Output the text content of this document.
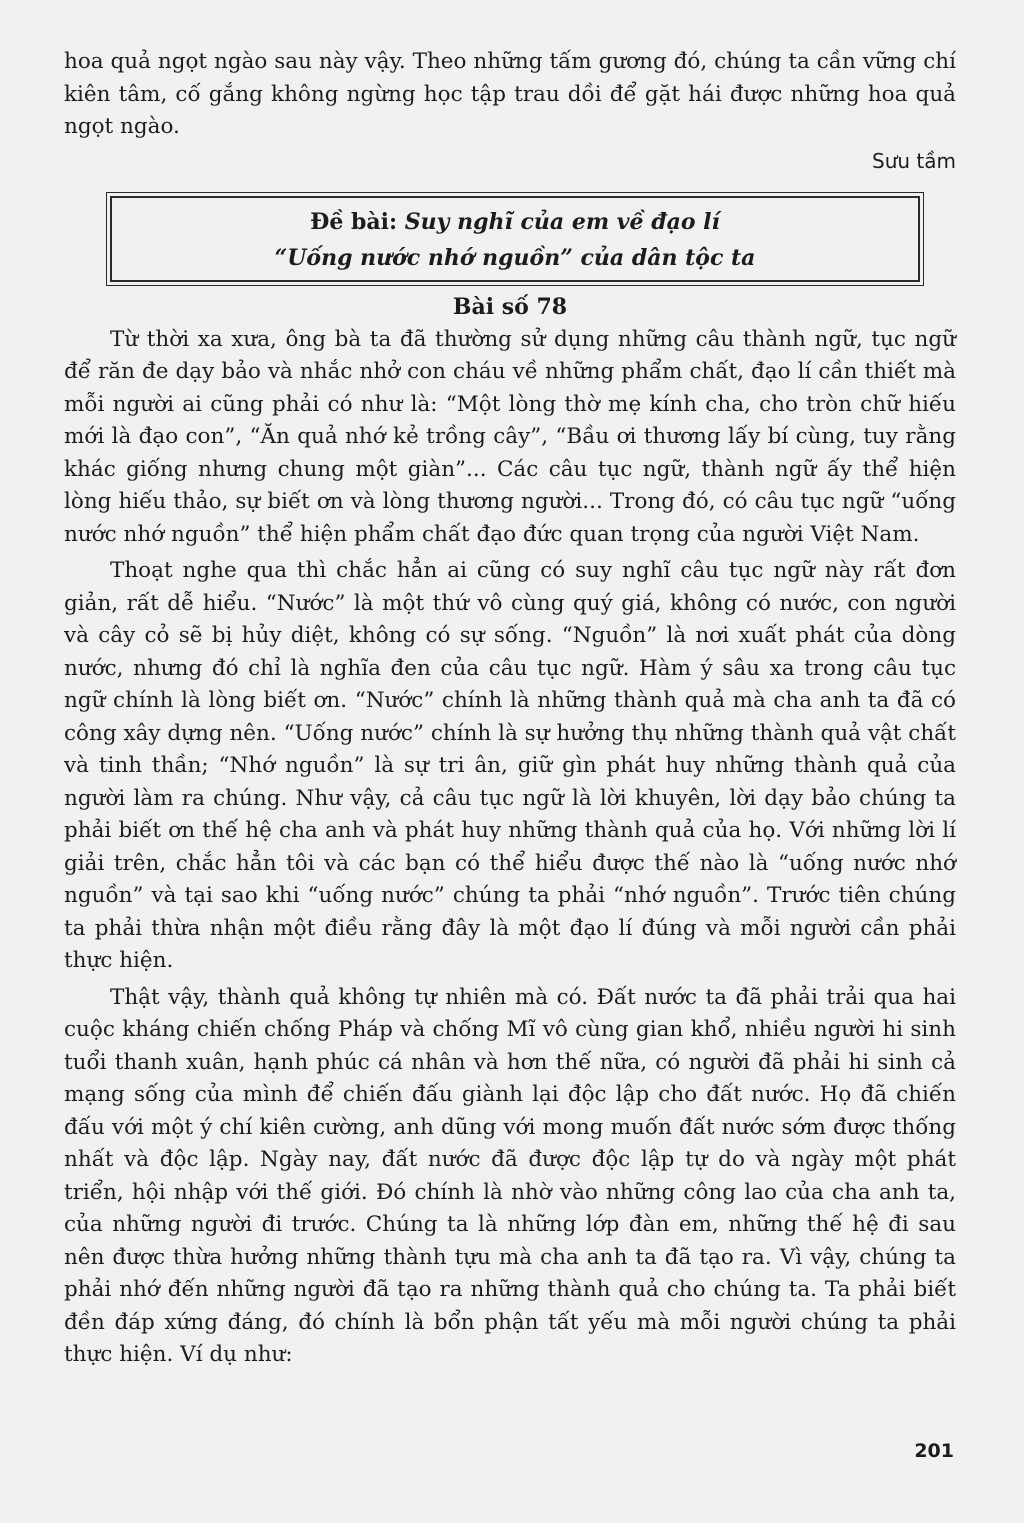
hoa quả ngọt ngào sau này vậy. Theo những tấm gương đó, chúng ta cần vững chí kiên tâm, cố gắng không ngừng học tập trau dồi để gặt hái được những hoa quả ngọt ngào.

Sưu tầm
Đề bài: Suy nghĩ của em về đạo lí
“Uống nước nhớ nguồn” của dân tộc ta
Bài số 78

Từ thời xa xưa, ông bà ta đã thường sử dụng những câu thành ngữ, tục ngữ để răn đe dạy bảo và nhắc nhở con cháu về những phẩm chất, đạo lí cần thiết mà mỗi người ai cũng phải có như là: “Một lòng thờ mẹ kính cha, cho tròn chữ hiếu mới là đạo con”, “Ăn quả nhớ kẻ trồng cây”, “Bầu ơi thương lấy bí cùng, tuy rằng khác giống nhưng chung một giàn”... Các câu tục ngữ, thành ngữ ấy thể hiện lòng hiếu thảo, sự biết ơn và lòng thương người... Trong đó, có câu tục ngữ “uống nước nhớ nguồn” thể hiện phẩm chất đạo đức quan trọng của người Việt Nam.

Thoạt nghe qua thì chắc hẳn ai cũng có suy nghĩ câu tục ngữ này rất đơn giản, rất dễ hiểu. “Nước” là một thứ vô cùng quý giá, không có nước, con người và cây cỏ sẽ bị hủy diệt, không có sự sống. “Nguồn” là nơi xuất phát của dòng nước, nhưng đó chỉ là nghĩa đen của câu tục ngữ. Hàm ý sâu xa trong câu tục ngữ chính là lòng biết ơn. “Nước” chính là những thành quả mà cha anh ta đã có công xây dựng nên. “Uống nước” chính là sự hưởng thụ những thành quả vật chất và tinh thần; “Nhớ nguồn” là sự tri ân, giữ gìn phát huy những thành quả của người làm ra chúng. Như vậy, cả câu tục ngữ là lời khuyên, lời dạy bảo chúng ta phải biết ơn thế hệ cha anh và phát huy những thành quả của họ. Với những lời lí giải trên, chắc hẳn tôi và các bạn có thể hiểu được thế nào là “uống nước nhớ nguồn” và tại sao khi “uống nước” chúng ta phải “nhớ nguồn”. Trước tiên chúng ta phải thừa nhận một điều rằng đây là một đạo lí đúng và mỗi người cần phải thực hiện.

Thật vậy, thành quả không tự nhiên mà có. Đất nước ta đã phải trải qua hai cuộc kháng chiến chống Pháp và chống Mĩ vô cùng gian khổ, nhiều người hi sinh tuổi thanh xuân, hạnh phúc cá nhân và hơn thế nữa, có người đã phải hi sinh cả mạng sống của mình để chiến đấu giành lại độc lập cho đất nước. Họ đã chiến đấu với một ý chí kiên cường, anh dũng với mong muốn đất nước sớm được thống nhất và độc lập. Ngày nay, đất nước đã được độc lập tự do và ngày một phát triển, hội nhập với thế giới. Đó chính là nhờ vào những công lao của cha anh ta, của những người đi trước. Chúng ta là những lớp đàn em, những thế hệ đi sau nên được thừa hưởng những thành tựu mà cha anh ta đã tạo ra. Vì vậy, chúng ta phải nhớ đến những người đã tạo ra những thành quả cho chúng ta. Ta phải biết đền đáp xứng đáng, đó chính là bổn phận tất yếu mà mỗi người chúng ta phải thực hiện. Ví dụ như:

201
